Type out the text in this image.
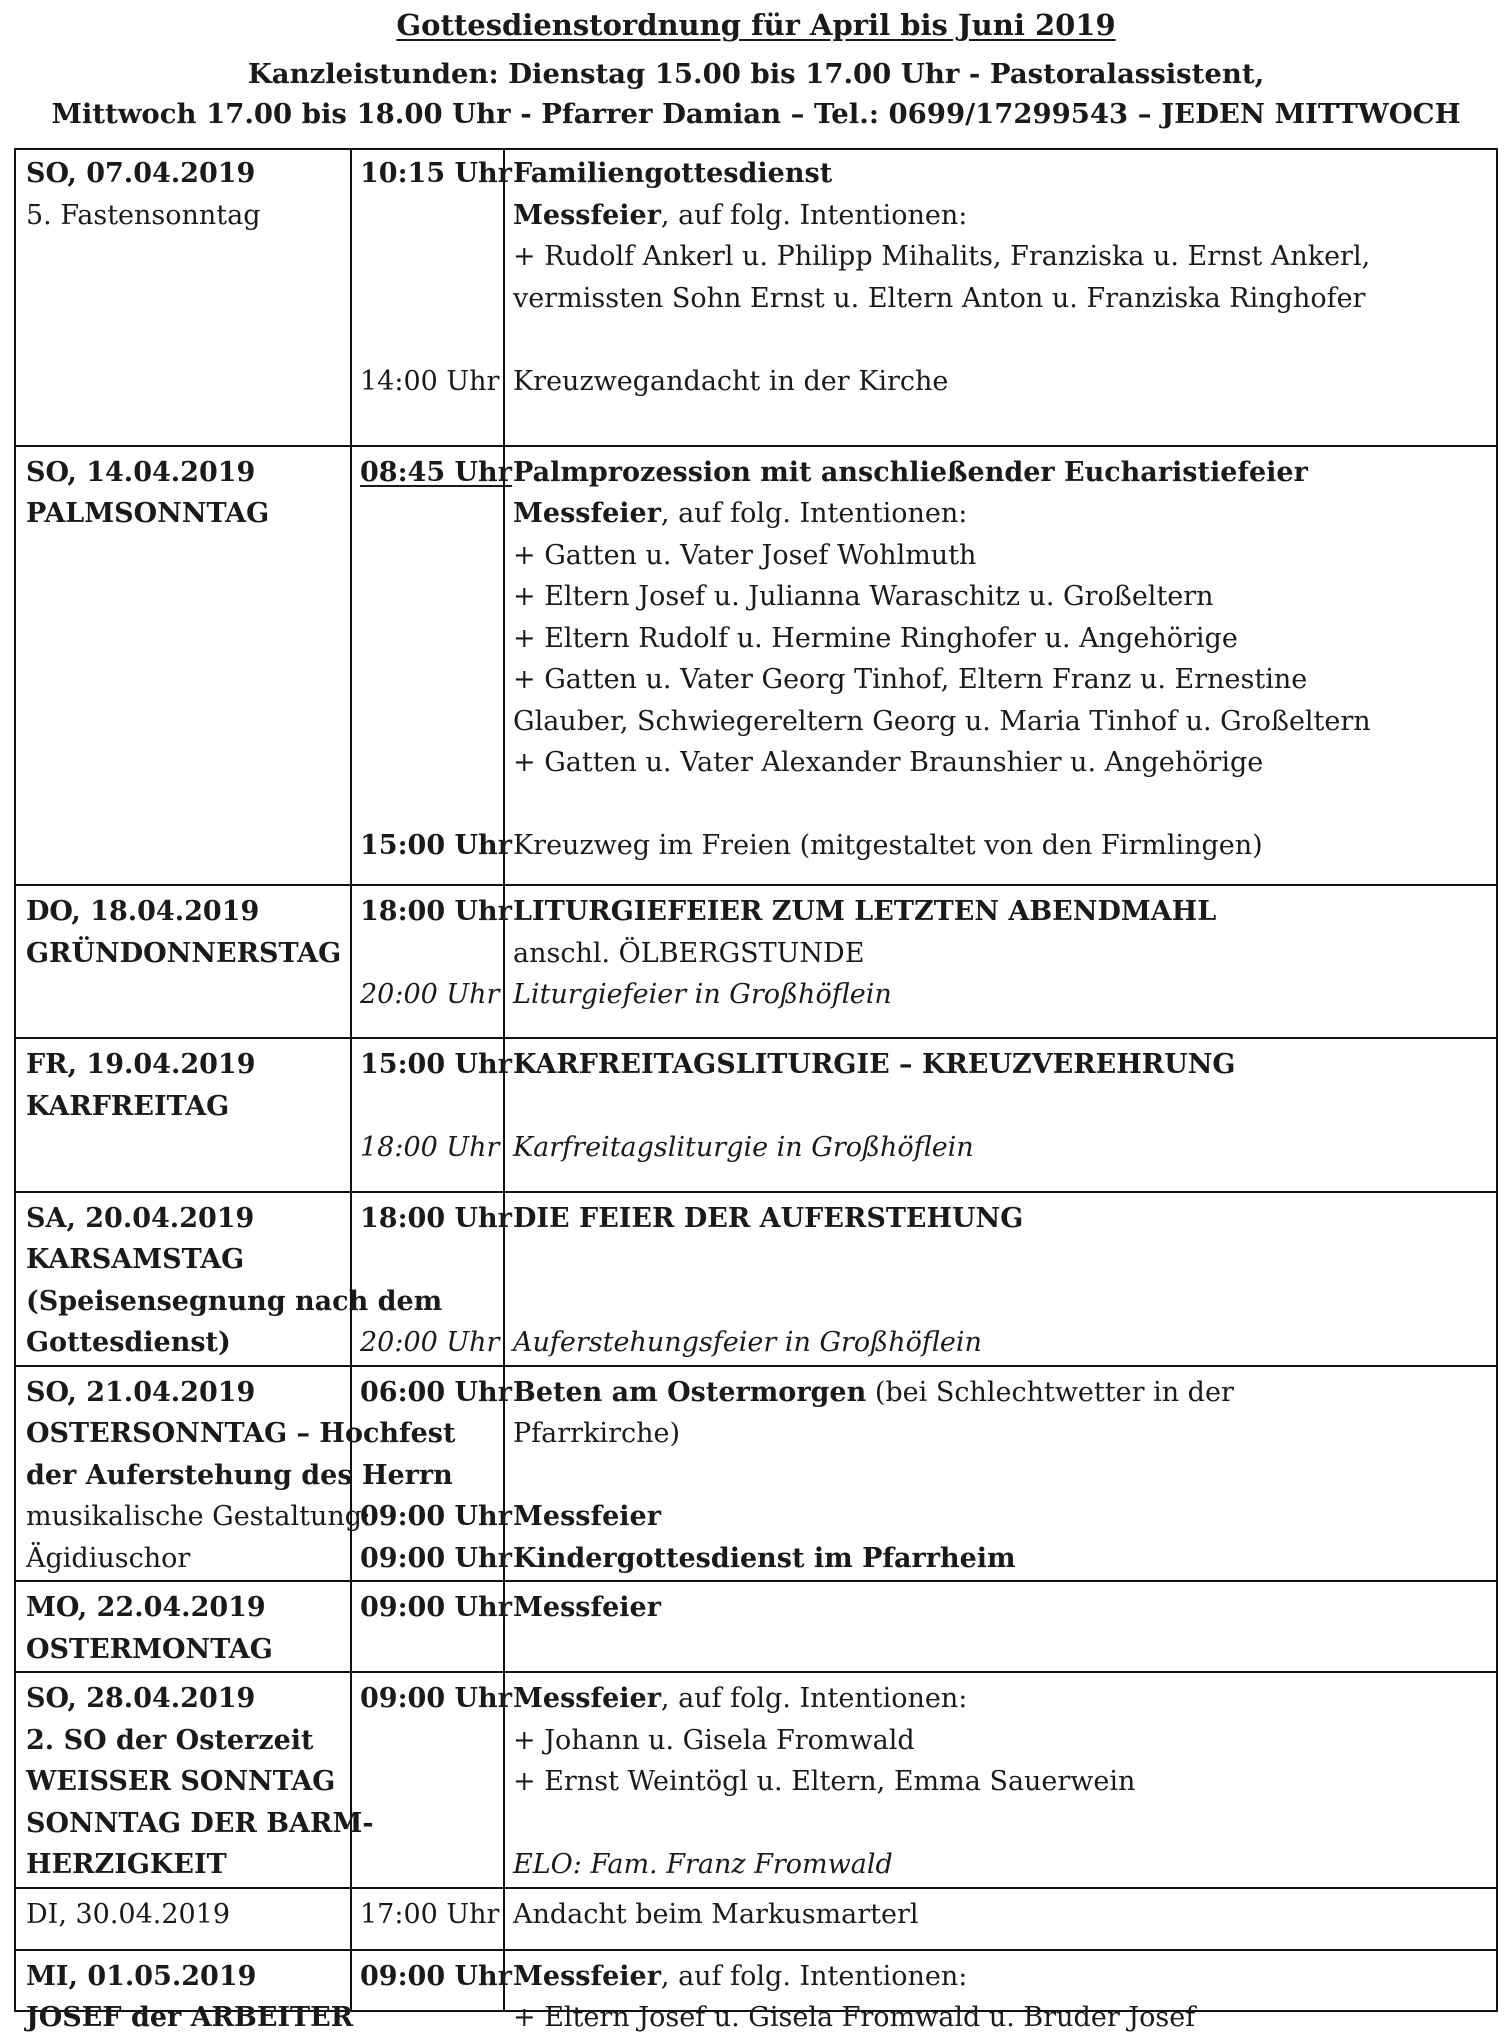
Gottesdienstordnung für April bis Juni 2019
Kanzleistunden: Dienstag 15.00 bis 17.00 Uhr - Pastoralassistent,
Mittwoch 17.00 bis 18.00 Uhr - Pfarrer Damian – Tel.: 0699/17299543 – JEDEN MITTWOCH
SO, 07.04.2019
5. Fastensonntag
10:15 Uhr Familiengottesdienst
Messfeier, auf folg. Intentionen:
+ Rudolf Ankerl u. Philipp Mihalits, Franziska u. Ernst Ankerl,
vermissten Sohn Ernst u. Eltern Anton u. Franziska Ringhofer
14:00 Uhr Kreuzwegandacht in der Kirche
SO, 14.04.2019
PALMSONNTAG
08:45 Uhr Palmprozession mit anschließender Eucharistiefeier
Messfeier, auf folg. Intentionen:
+ Gatten u. Vater Josef Wohlmuth
+ Eltern Josef u. Julianna Waraschitz u. Großeltern
+ Eltern Rudolf u. Hermine Ringhofer u. Angehörige
+ Gatten u. Vater Georg Tinhof, Eltern Franz u. Ernestine
Glauber, Schwiegereltern Georg u. Maria Tinhof u. Großeltern
+ Gatten u. Vater Alexander Braunshier u. Angehörige
15:00 Uhr Kreuzweg im Freien (mitgestaltet von den Firmlingen)
DO, 18.04.2019
GRÜNDONNERSTAG
18:00 Uhr LITURGIEFEIER ZUM LETZTEN ABENDMAHL
anschl. ÖLBERGSTUNDE
20:00 Uhr Liturgiefeier in Großhöflein
FR, 19.04.2019
KARFREITAG
15:00 Uhr KARFREITAGSLITURGIE – KREUZVEREHRUNG
18:00 Uhr Karfreitagsliturgie in Großhöflein
SA, 20.04.2019
KARSAMSTAG
(Speisensegnung nach dem
Gottesdienst)
18:00 Uhr DIE FEIER DER AUFERSTEHUNG
20:00 Uhr Auferstehungsfeier in Großhöflein
SO, 21.04.2019
OSTERSONNTAG – Hochfest
der Auferstehung des Herrn
musikalische Gestaltung:
Ägidiuschor
06:00 Uhr Beten am Ostermorgen (bei Schlechtwetter in der
Pfarrkirche)
09:00 Uhr Messfeier
09:00 Uhr Kindergottesdienst im Pfarrheim
MO, 22.04.2019
OSTERMONTAG
09:00 Uhr Messfeier
SO, 28.04.2019
2. SO der Osterzeit
WEISSER SONNTAG
SONNTAG DER BARM-
HERZIGKEIT
09:00 Uhr Messfeier, auf folg. Intentionen:
+ Johann u. Gisela Fromwald
+ Ernst Weintögl u. Eltern, Emma Sauerwein
ELO: Fam. Franz Fromwald
DI, 30.04.2019	17:00 Uhr Andacht beim Markusmarterl
MI, 01.05.2019
JOSEF der ARBEITER
09:00 Uhr Messfeier, auf folg. Intentionen:
+ Eltern Josef u. Gisela Fromwald u. Bruder Josef
